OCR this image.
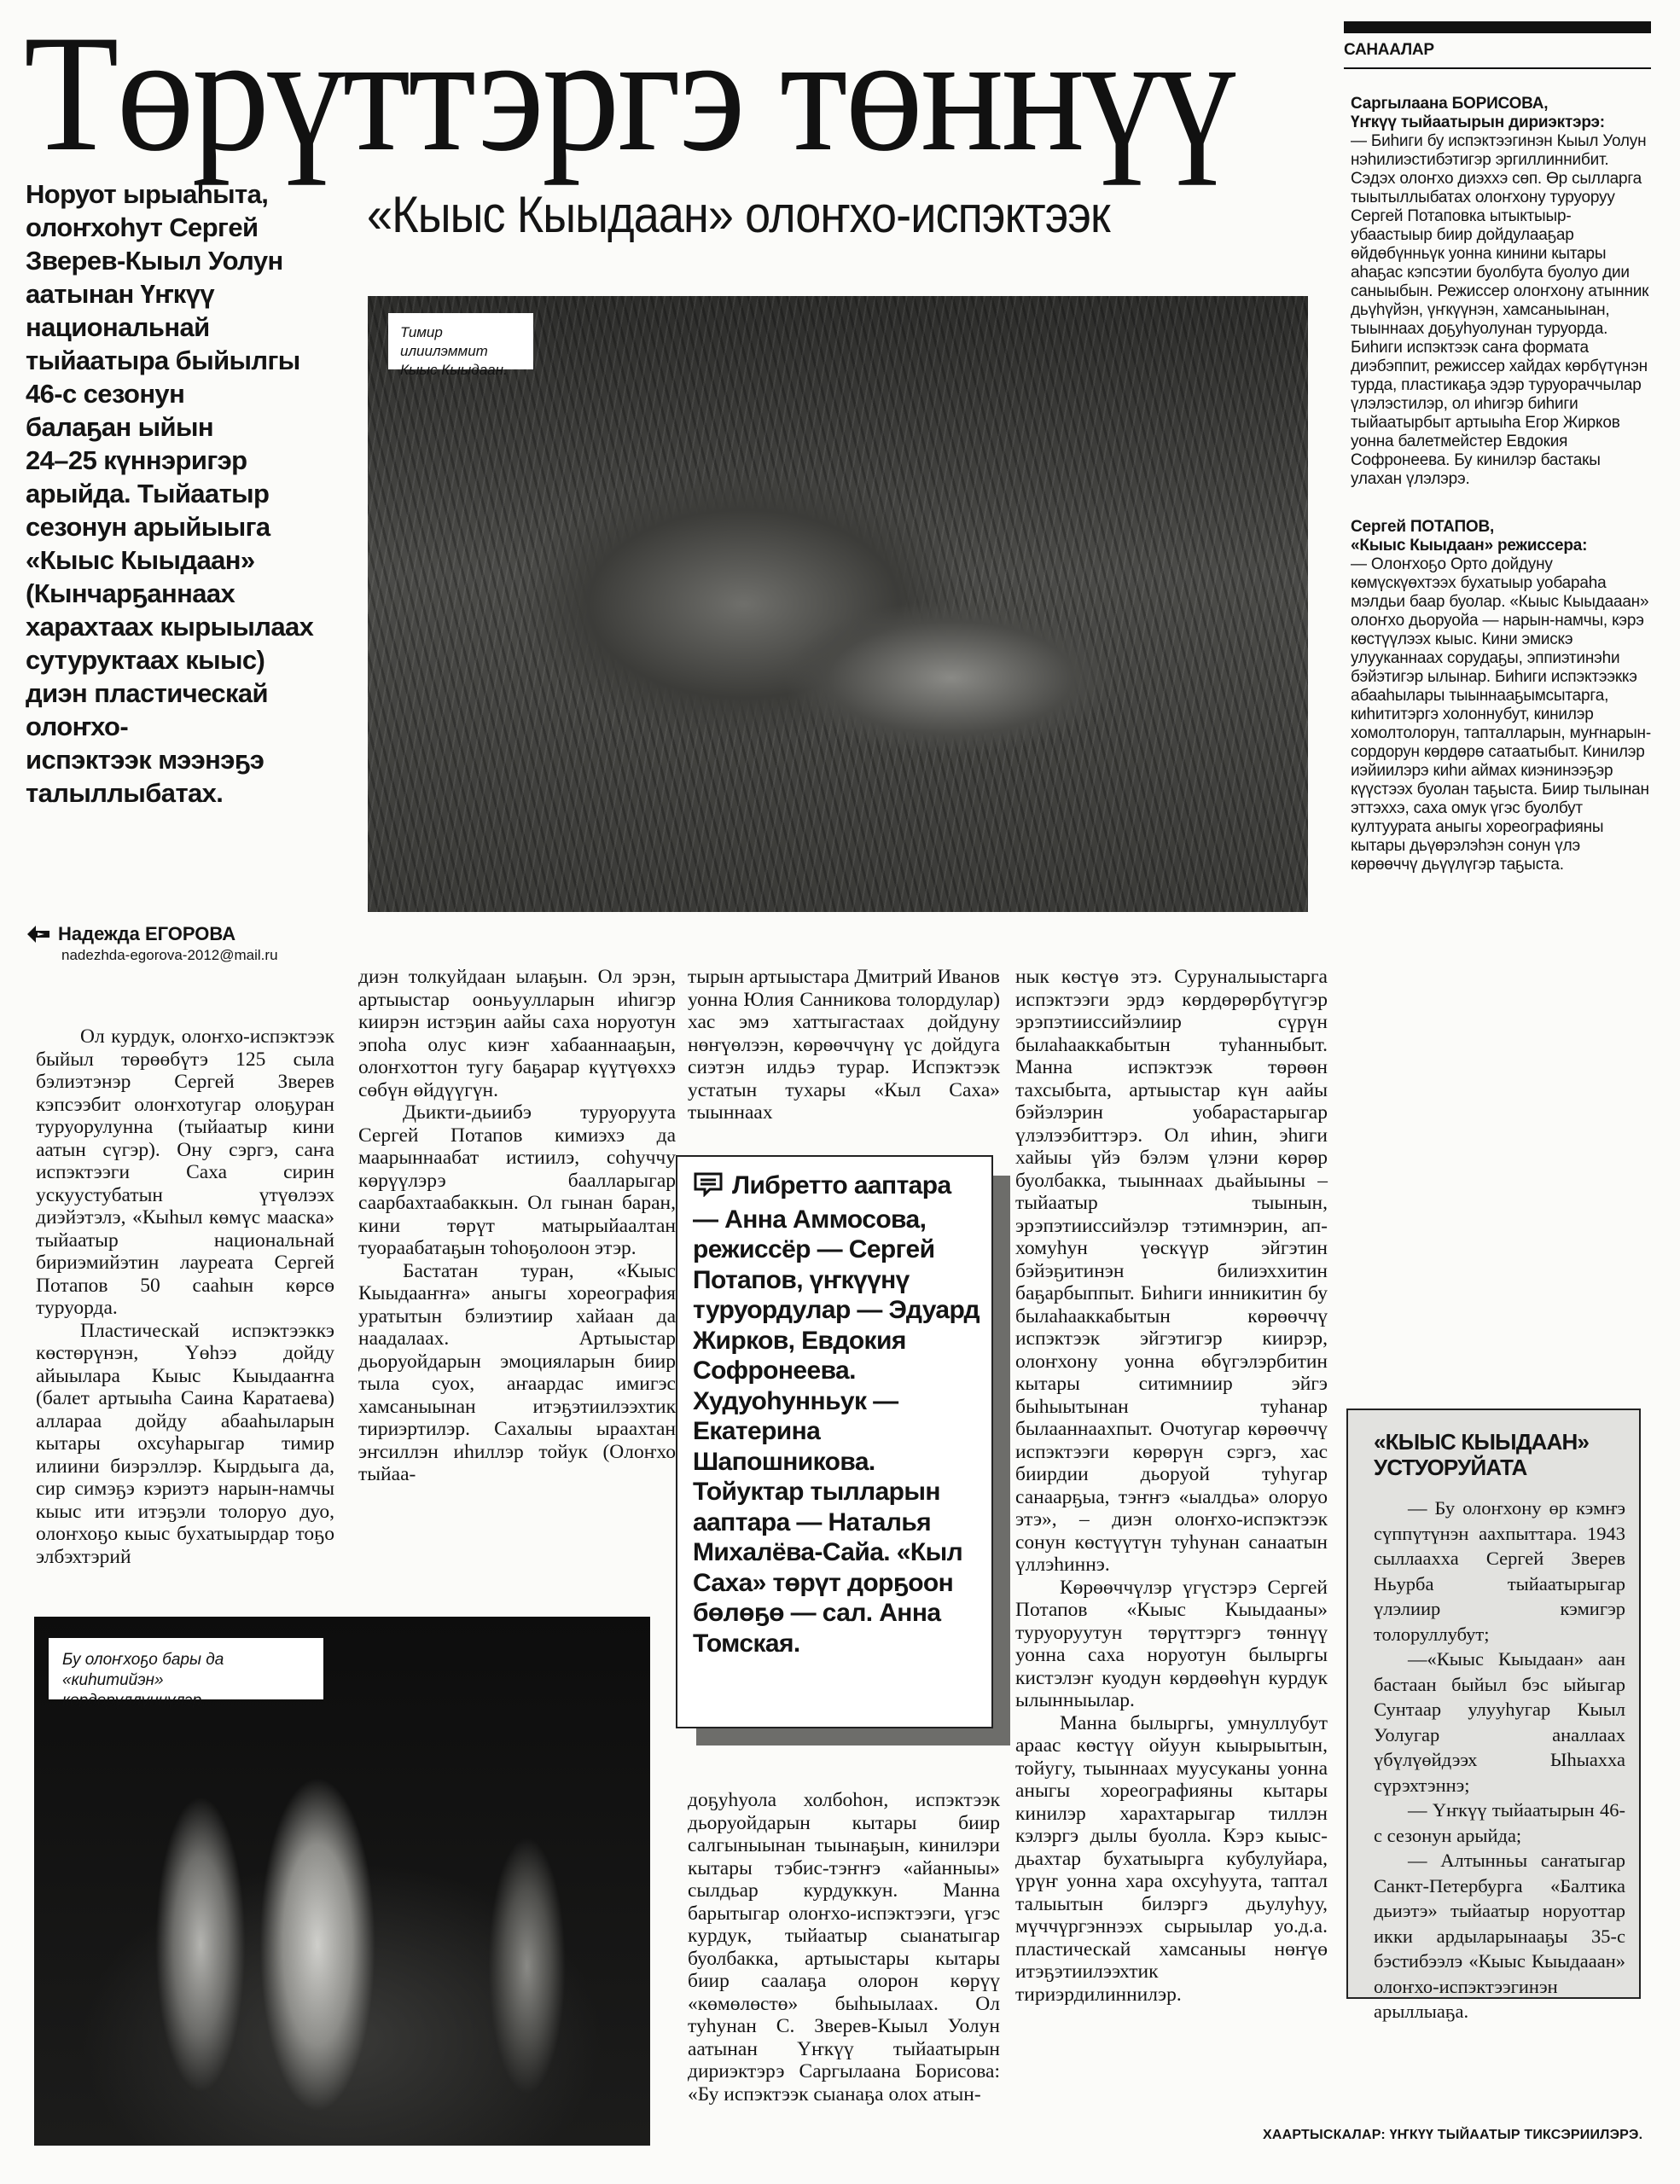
Төрүттэргэ төннүү
Норуот ырыаһыта,
олоҥхоһут Сергей
Зверев-Кыыл Уолун
аатынан Үҥкүү
национальнай
тыйаатыра быйылгы
46-с сезонун
балаҕан ыйын
24–25 күннэригэр
арыйда. Тыйаатыр
сезонун арыйыыга
«Кыыс Кыыдаан»
(Кынчарҕаннаах
харахтаах кырыылаах
сутуруктаах кыыс)
диэн пластическай
олоҥхо-
испэктээк мээнэҕэ
талыллыбатах.
«Кыыс Кыыдаан» олоҥхо-испэктээк
Тимир илиилэммит Кыыс Кыыдаан.
Надежда ЕГОРОВА
nadezhda-egorova-2012@mail.ru

Ол курдук, олоҥхо-испэктээк быйыл төрөөбүтэ 125 сыла бэлиэтэнэр Сергей Зверев кэпсээбит олоҥхотугар олоҕуран туруорулунна (тыйаатыр кини аатын сүгэр). Ону сэргэ, саҥа испэктээги Саха сирин ускуустубатын үтүөлээх диэйэтэлэ, «Кыһыл көмүс мааска» тыйаатыр национальнай бириэмийэтин лауреата Сергей Потапов 50 сааһын көрсө туруорда.

Пластическай испэктээккэ көстөрүнэн, Үөһээ дойду айыылара Кыыс Кыыдааҥҥа (балет артыыһа Саина Каратаева) аллараа дойду абааһыларын кытары охсуһарыгар тимир илиини биэрэллэр. Кырдьыга да, сир симэҕэ кэриэтэ нарын-намчы кыыс ити итэҕэли толоруо дуо, олоҥхоҕо кыыс бухатыырдар тоҕо элбэхтэрий

диэн толкуйдаан ылаҕын. Ол эрэн, артыыстар ооньуулларын иһигэр киирэн истэҕин аайы саха норуотун эпоһа олус киэҥ хабааннааҕын, олоҥхоттон тугу баҕарар күүтүөххэ сөбүн өйдүүгүн.

Дьикти-дьиибэ туруоруута Сергей Потапов кимиэхэ да маарыннаабат истиилэ, соһуччу көрүүлэрэ баалларыгар саарбахтаабаккын. Ол гынан баран, кини төрүт матырыйаалтан туораабатаҕын тоһоҕолоон этэр.

Бастатан туран, «Кыыс Кыыдааҥҥа» аныгы хореография уратытын бэлиэтиир хайаан да наадалаах. Артыыстар дьоруойдарын эмоцияларын биир тыла суох, аҥаардас имигэс хамсаныынан итэҕэтиилээхтик тириэртилэр. Сахалыы ыраахтан эҥсиллэн иһиллэр тойук (Олоҥхо тыйаа-

тырын артыыстара Дмитрий Иванов уонна Юлия Санникова толордулар) хас эмэ хаттыгастаах дойдуну нөҥүөлээн, көрөөччүнү үс дойдуга сиэтэн илдьэ турар. Испэктээк устатын тухары «Кыл Саха» тыыннаах

Либретто ааптара — Анна Аммосова, режиссёр — Сергей Потапов, үҥкүүнү туруордулар — Эдуард Жирков, Евдокия Софронеева. Худуоһунньук — Екатерина Шапошникова. Тойуктар тылларын ааптара — Наталья Михалёва-Сайа. «Кыл Саха» төрүт дорҕоон бөлөҕө — сал. Анна Томская.

доҕуһуола холбоһон, испэктээк дьоруойдарын кытары биир салгыныынан тыынаҕын, кинилэри кытары тэбис-тэҥҥэ «айанныы» сылдьар курдуккун. Манна барытыгар олоҥхо-испэктээги, үгэс курдук, тыйаатыр сыанатыгар буолбакка, артыыстары кытары биир саалаҕа олорон көрүү «көмөлөстө» быһыылаах. Ол туһунан С. Зверев-Кыыл Уолун аатынан Үҥкүү тыйаатырын дириэктэрэ Саргылаана Борисова: «Бу испэктээк сыанаҕа олох атын-

нык көстүө этэ. Суруналыыстарга испэктээги эрдэ көрдөрөрбүтүгэр эрэпэтииссийэлиир сүрүн былаһааккабытын туһанныбыт. Манна испэктээк төрөөн тахсыбыта, артыыстар күн аайы бэйэлэрин уобарастарыгар үлэлээбиттэрэ. Ол иһин, эһиги хайыы үйэ бэлэм үлэни көрөр буолбакка, тыыннаах дьайыыны – тыйаатыр тыынын, эрэпэтииссийэлэр тэтимнэрин, ап-хомуһун үөскүүр эйгэтин бэйэҕитинэн билиэххитин баҕарбыппыт. Биһиги инникитин бу былаһааккабытын көрөөччү испэктээк эйгэтигэр киирэр, олоҥхону уонна өбүгэлэрбитин кытары ситимниир эйгэ быһыытынан туһанар былааннаахпыт. Очотугар көрөөччү испэктээги көрөрүн сэргэ, хас биирдии дьоруой туһугар санаарҕыа, тэҥҥэ «ыалдьа» олоруо этэ», – диэн олоҥхо-испэктээк сонун көстүүтүн туһунан санаатын үллэһиннэ.

Көрөөччүлэр үгүстэрэ Сергей Потапов «Кыыс Кыыдааны» туруоруутун төрүттэргэ төннүү уонна саха норуотун былыргы кистэлэҥ куодун көрдөөһүн курдук ылынныылар.

Манна былыргы, умнуллубут араас көстүү ойуун кыырыытын, тойугу, тыыннаах муусуканы уонна аныгы хореографияны кытары кинилэр харахтарыгар тиллэн кэлэргэ дылы буолла. Кэрэ кыыс-дьахтар бухатыырга кубулуйара, үрүҥ уонна хара охсуһуута, таптал талыытын билэргэ дьулуһуу, мүччүргэннээх сырыылар уо.д.а. пластическай хамсаныы нөҥүө итэҕэтиилээхтик тириэрдилиннилэр.

Бу олоҥхоҕо бары да «киһитийэн» көрдөрүллүннүлэр.
САНААЛАР
Саргылаана БОРИСОВА,
Үҥкүү тыйаатырын дириэктэрэ:
— Биһиги бу испэктээгинэн Кыыл Уолун нэһилиэстибэтигэр эргиллиннибит. Сэдэх олоҥхо диэххэ сөп. Өр сылларга тыытыллыбатах олоҥхону туруоруу Сергей Потаповка ытыктыыр-убаастыыр биир дойдулааҕар өйдөбүнньүк уонна кинини кытары аһаҕас кэпсэтии буолбута буолуо дии саныыбын. Режиссер олоҥхону атынник дьүһүйэн, үҥкүүнэн, хамсаныынан, тыыннаах доҕуһуолунан туруорда. Биһиги испэктээк саҥа формата диэбэппит, режиссер хайдах көрбүтүнэн турда, пластикаҕа эдэр туруораччылар үлэлэстилэр, ол иһигэр биһиги тыйаатырбыт артыыһа Егор Жирков уонна балетмейстер Евдокия Софронеева. Бу кинилэр бастакы улахан үлэлэрэ.
Сергей ПОТАПОВ,
«Кыыс Кыыдаан» режиссера:
— Олоҥхоҕо Орто дойдуну көмүскүөхтээх бухатыыр уобараһа мэлдьи баар буолар. «Кыыс Кыыдааан» олоҥхо дьоруойа — нарын-намчы, кэрэ көстүүлээх кыыс. Кини эмискэ улууканнаах сорудаҕы, эппиэтинэһи бэйэтигэр ылынар. Биһиги испэктээккэ абааһылары тыыннааҕымсытарга, киһититэргэ холоннубут, кинилэр хомолтолорун, тапталларын, муҥнарын-сордорун көрдөрө сатаатыбыт. Кинилэр иэйиилэрэ киһи аймах киэнинээҕэр күүстээх буолан таҕыста. Биир тылынан эттэххэ, саха омук үгэс буолбут култуурата аныгы хореографияны кытары дьүөрэлэһэн сонун үлэ көрөөччү дьүүлүгэр таҕыста.
«КЫЫС КЫЫДААН»
УСТУОРУЙАТА

— Бу олоҥхону өр кэмҥэ сүппүтүнэн аахпыттара. 1943 сыллаахха Сергей Зверев Ньурба тыйаатырыгар үлэлиир кэмигэр толоруллубут;

—«Кыыс Кыыдаан» аан бастаан быйыл бэс ыйыгар Сунтаар улууһугар Кыыл Уолугар аналлаах үбүлүөйдээх Ыһыахха сүрэхтэннэ;

— Үҥкүү тыйаатырын 46-с сезонун арыйда;

— Алтынньы саҥатыгар Санкт-Петербурга «Балтика дьиэтэ» тыйаатыр норуоттар икки ардыларынааҕы 35-с бэстибээлэ «Кыыс Кыыдааан» олоҥхо-испэктээгинэн арыллыаҕа.

ХААРТЫСКАЛАР: ҮҤКҮҮ ТЫЙААТЫР ТИКСЭРИИЛЭРЭ.
